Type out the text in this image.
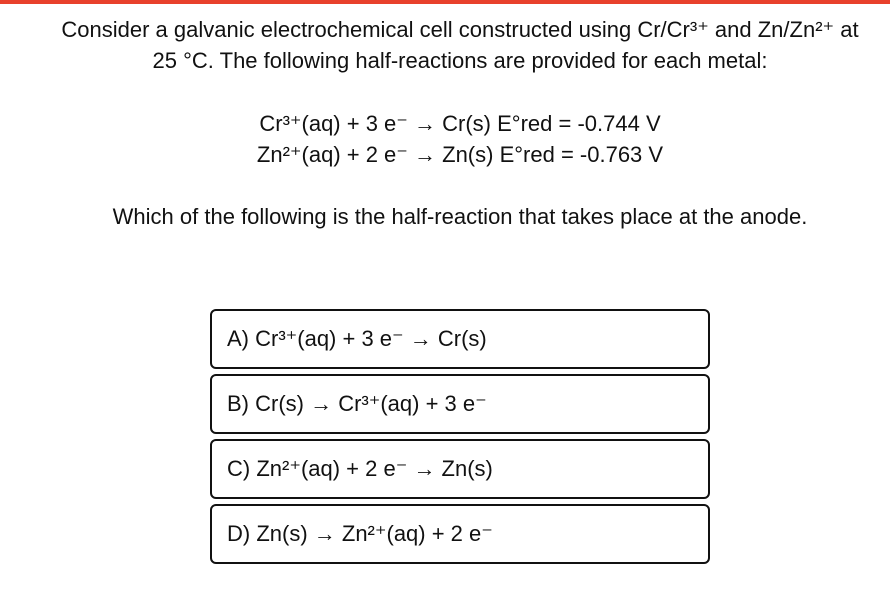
Consider a galvanic electrochemical cell constructed using Cr/Cr³⁺ and Zn/Zn²⁺ at
25 °C. The following half-reactions are provided for each metal:

Cr³⁺(aq) + 3 e⁻ → Cr(s) E°red = -0.744 V
Zn²⁺(aq) + 2 e⁻ → Zn(s) E°red = -0.763 V

Which of the following is the half-reaction that takes place at the anode.

A) Cr³⁺(aq) + 3 e⁻ → Cr(s)
B) Cr(s) → Cr³⁺(aq) + 3 e⁻
C) Zn²⁺(aq) + 2 e⁻ → Zn(s)
D) Zn(s) → Zn²⁺(aq) + 2 e⁻
